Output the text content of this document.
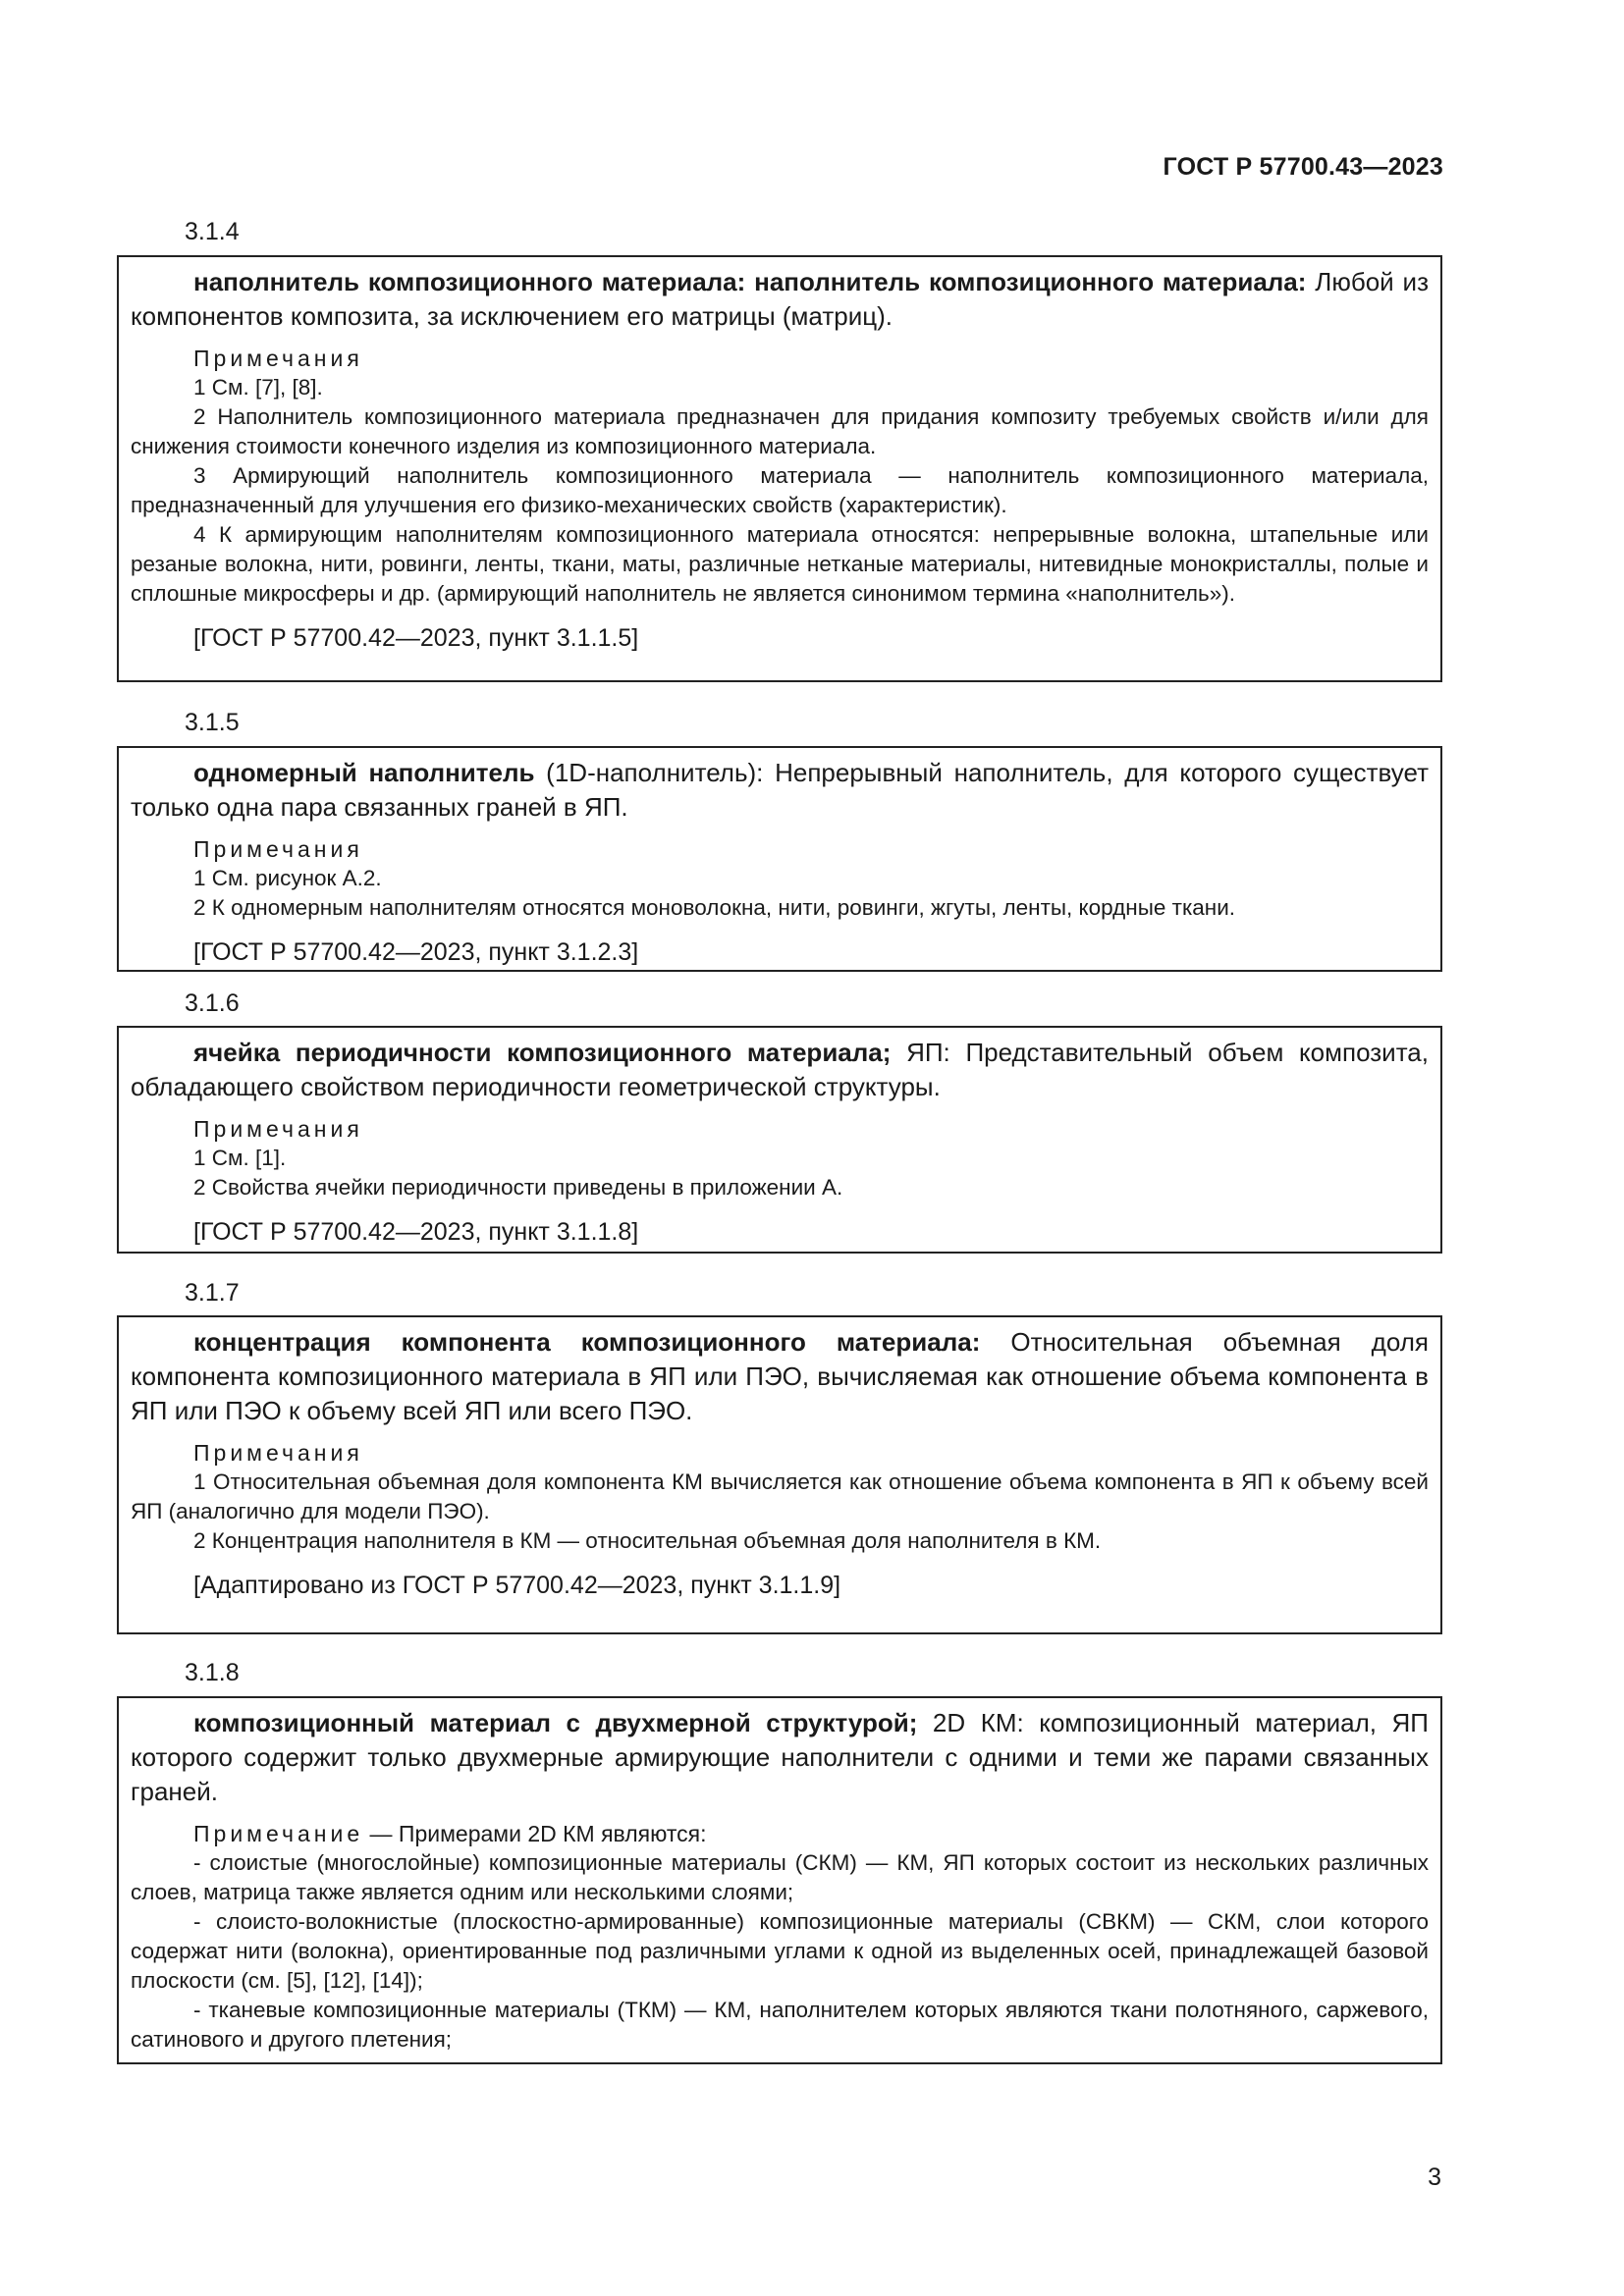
ГОСТ Р 57700.43—2023
3.1.4

наполнитель композиционного материала: наполнитель композиционного материала: Любой из компонентов композита, за исключением его матрицы (матриц).

Примечания

1 См. [7], [8].

2 Наполнитель композиционного материала предназначен для придания композиту требуемых свойств и/или для снижения стоимости конечного изделия из композиционного материала.

3 Армирующий наполнитель композиционного материала — наполнитель композиционного материала, предназначенный для улучшения его физико-механических свойств (характеристик).

4 К армирующим наполнителям композиционного материала относятся: непрерывные волокна, штапельные или резаные волокна, нити, ровинги, ленты, ткани, маты, различные нетканые материалы, нитевидные монокристаллы, полые и сплошные микросферы и др. (армирующий наполнитель не является синонимом термина «наполнитель»).

[ГОСТ Р 57700.42—2023, пункт 3.1.1.5]
3.1.5

одномерный наполнитель (1D-наполнитель): Непрерывный наполнитель, для которого существует только одна пара связанных граней в ЯП.

Примечания

1 См. рисунок А.2.

2 К одномерным наполнителям относятся моноволокна, нити, ровинги, жгуты, ленты, кордные ткани.

[ГОСТ Р 57700.42—2023, пункт 3.1.2.3]
3.1.6

ячейка периодичности композиционного материала; ЯП: Представительный объем композита, обладающего свойством периодичности геометрической структуры.

Примечания

1 См. [1].

2 Свойства ячейки периодичности приведены в приложении А.

[ГОСТ Р 57700.42—2023, пункт 3.1.1.8]
3.1.7

концентрация компонента композиционного материала: Относительная объемная доля компонента композиционного материала в ЯП или ПЭО, вычисляемая как отношение объема компонента в ЯП или ПЭО к объему всей ЯП или всего ПЭО.

Примечания

1 Относительная объемная доля компонента КМ вычисляется как отношение объема компонента в ЯП к объему всей ЯП (аналогично для модели ПЭО).

2 Концентрация наполнителя в КМ — относительная объемная доля наполнителя в КМ.

[Адаптировано из ГОСТ Р 57700.42—2023, пункт 3.1.1.9]
3.1.8

композиционный материал с двухмерной структурой; 2D КМ: композиционный материал, ЯП которого содержит только двухмерные армирующие наполнители с одними и теми же парами связанных граней.

Примечание — Примерами 2D КМ являются:

- слоистые (многослойные) композиционные материалы (СКМ) — КМ, ЯП которых состоит из нескольких различных слоев, матрица также является одним или несколькими слоями;

- слоисто-волокнистые (плоскостно-армированные) композиционные материалы (СВКМ) — СКМ, слои которого содержат нити (волокна), ориентированные под различными углами к одной из выделенных осей, принадлежащей базовой плоскости (см. [5], [12], [14]);

- тканевые композиционные материалы (ТКМ) — КМ, наполнителем которых являются ткани полотняного, саржевого, сатинового и другого плетения;

3
